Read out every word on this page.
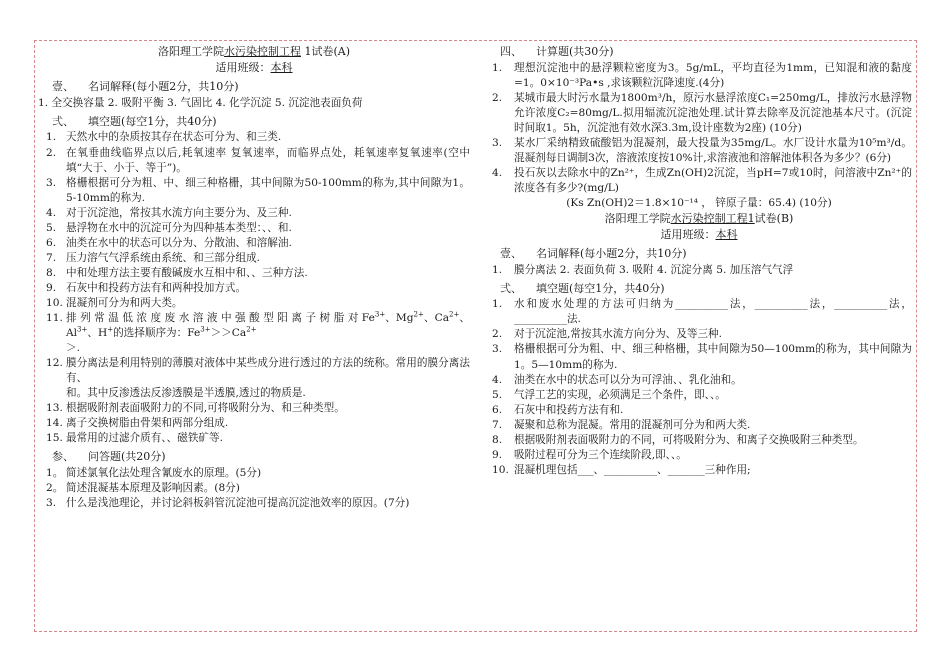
洛阳理工学院水污染控制工程 1试卷(A)
适用班级：本科
壹、 名词解释(每小题2分，共10分)
1. 全交换容量 2. 吸附平衡 3. 气固比 4. 化学沉淀 5. 沉淀池表面负荷
弍、 填空题(每空1分，共40分)
1. 天然水中的杂质按其存在状态可分为、和三类.
2. 在氧垂曲线临界点以后,耗氧速率 复氧速率，而临界点处，耗氧速率复氧速率(空中填“大于、小于、等于”)。
3. 格栅根据可分为粗、中、细三种格栅，其中间隙为50-100mm的称为,其中间隙为1。5-10mm的称为.
4. 对于沉淀池，常按其水流方向主要分为、及三种.
5. 悬浮物在水中的沉淀可分为四种基本类型：、、和.
6. 油类在水中的状态可以分为、分散油、和溶解油.
7. 压力溶气气浮系统由系统、和三部分组成.
8. 中和处理方法主要有酸碱废水互相中和、、三种方法.
9. 石灰中和投药方法有和两种投加方式。
10. 混凝剂可分为和两大类。
11. 排 列 常 温 低 浓 度 废 水 溶 液 中 强 酸 型 阳 离 子 树 脂 对 $Fe^{3+}$、$Mg^{2+}$、$Ca^{2+}$、$Al^{3+}$、H+的选择顺序为：$Fe^{3+}>>Ca^{2+}$
＞.
12. 膜分离法是利用特别的薄膜对液体中某些成分进行透过的方法的统称。常用的膜分离法有、
和。其中反渗透法反渗透膜是半透膜,透过的物质是.
13. 根据吸附剂表面吸附力的不同,可将吸附分为、和三种类型。
14. 离子交换树脂由骨架和两部分组成.
15. 最常用的过滤介质有、、磁铁矿等.
参、 问答题(共20分)
1。 简述氯氧化法处理含氰废水的原理。(5分)
2。 简述混凝基本原理及影响因素。(8分)
3. 什么是浅池理论，并讨论斜板斜管沉淀池可提高沉淀池效率的原因。(7分)
四、 计算题(共30分)
1. 理想沉淀池中的悬浮颗粒密度为3。5g/mL，平均直径为1mm，已知混和液的黏度=1。0×10⁻³Pa•s ,求该颗粒沉降速度.(4分)
2. 某城市最大时污水量为1800m³/h，原污水悬浮浓度C₁=250mg/L，排放污水悬浮物允许浓度C₂=80mg/L.拟用辐流沉淀池处理.试计算去除率及沉淀池基本尺寸。(沉淀时间取1。5h，沉淀池有效水深3.3m,设计座数为2座) (10分)
3. 某水厂采纳精致硫酸铝为混凝剂，最大投量为35mg/L。水厂设计水量为10⁵m³/d。混凝剂每日调制3次，溶液浓度按10%计,求溶液池和溶解池体积各为多少？(6分)
4. 投石灰以去除水中的Zn²⁺，生成Zn(OH)2沉淀，当pH=7或10时，问溶液中Zn²⁺的浓度各有多少?(mg/L)
(Ks Zn(OH)2＝1.8×10⁻¹⁴ ， 锌原子量：65.4) (10分)
洛阳理工学院水污染控制工程1试卷(B)
适用班级：本科
壹、 名词解释(每小题2分，共10分)
1. 膜分离法 2. 表面负荷 3. 吸附 4. 沉淀分离 5. 加压溶气气浮
弍、 填空题(每空1分，共40分)
1. 水和废水处理的方法可归纳为__________法，__________法，__________法，__________法.
2. 对于沉淀池,常按其水流方向分为、及等三种.
3. 格栅根据可分为粗、中、细三种格栅，其中间隙为50—100mm的称为，其中间隙为1。5—10mm的称为.
4. 油类在水中的状态可以分为可浮油、、乳化油和。
5. 气浮工艺的实现，必须满足三个条件，即、、。
6. 石灰中和投药方法有和.
7. 凝聚和总称为混凝。常用的混凝剂可分为和两大类.
8. 根据吸附剂表面吸附力的不同，可将吸附分为、和离子交换吸附三种类型。
9. 吸附过程可分为三个连续阶段,即、、。
10. 混凝机理包括___、__________、_______三种作用;
